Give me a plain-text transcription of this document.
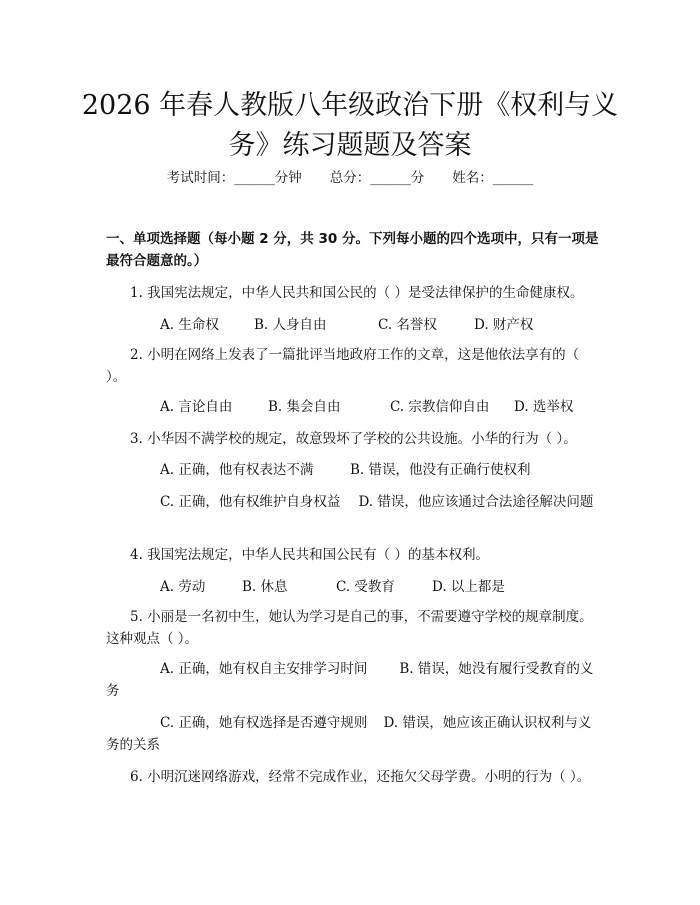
2026 年春人教版八年级政治下册《权利与义
务》练习题题及答案
考试时间：______分钟 总分：______分 姓名：______
一、单项选择题（每小题 2 分，共 30 分。下列每小题的四个选项中，只有一项是最符合题意的。）
1. 我国宪法规定，中华人民共和国公民的（ ）是受法律保护的生命健康权。
A. 生命权	B. 人身自由	C. 名誉权	D. 财产权
2. 小明在网络上发表了一篇批评当地政府工作的文章，这是他依法享有的（ ）。
A. 言论自由	B. 集会自由	C. 宗教信仰自由 D. 选举权
3. 小华因不满学校的规定，故意毁坏了学校的公共设施。小华的行为（ ）。
A. 正确，他有权表达不满	B. 错误，他没有正确行使权利
C. 正确，他有权维护自身权益 D. 错误，他应该通过合法途径解决问题
4. 我国宪法规定，中华人民共和国公民有（ ）的基本权利。
A. 劳动	B. 休息	C. 受教育	D. 以上都是
5. 小丽是一名初中生，她认为学习是自己的事，不需要遵守学校的规章制度。这种观点（ ）。
A. 正确，她有权自主安排学习时间 B. 错误，她没有履行受教育的义务
C. 正确，她有权选择是否遵守规则 D. 错误，她应该正确认识权利与义务的关系
6. 小明沉迷网络游戏，经常不完成作业，还拖欠父母学费。小明的行为（ ）。
